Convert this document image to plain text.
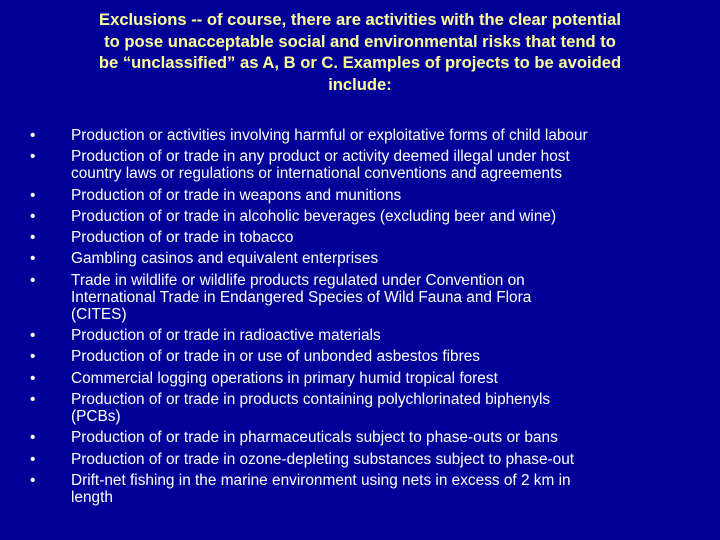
Exclusions -- of course, there are activities with the clear potential
to pose unacceptable social and environmental risks that tend to
be “unclassified” as A, B or C. Examples of projects to be avoided
include:
•	Production or activities involving harmful or exploitative forms of child labour
•	Production of or trade in any product or activity deemed illegal under host
country laws or regulations or international conventions and agreements
•	Production of or trade in weapons and munitions
•	Production of or trade in alcoholic beverages (excluding beer and wine)
•	Production of or trade in tobacco
•	Gambling casinos and equivalent enterprises
•	Trade in wildlife or wildlife products regulated under Convention on
International Trade in Endangered Species of Wild Fauna and Flora
(CITES)
•	Production of or trade in radioactive materials
•	Production of or trade in or use of unbonded asbestos fibres
•	Commercial logging operations in primary humid tropical forest
•	Production of or trade in products containing polychlorinated biphenyls
(PCBs)
•	Production of or trade in pharmaceuticals subject to phase-outs or bans
•	Production of or trade in ozone-depleting substances subject to phase-out
•	Drift-net fishing in the marine environment using nets in excess of 2 km in
length
